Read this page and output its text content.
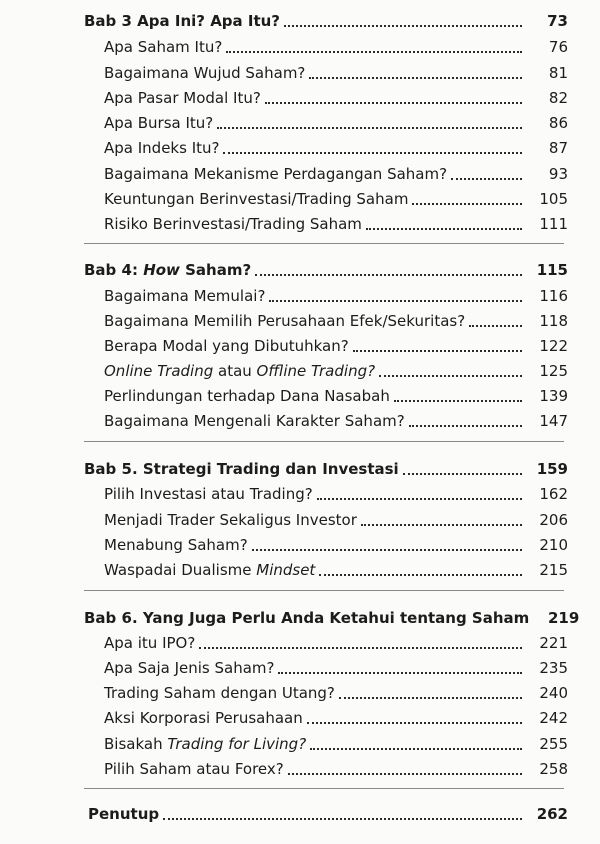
Bab 3 Apa Ini? Apa Itu?	73
Apa Saham Itu?	76
Bagaimana Wujud Saham?	81
Apa Pasar Modal Itu?	82
Apa Bursa Itu?	86
Apa Indeks Itu?	87
Bagaimana Mekanisme Perdagangan Saham?	93
Keuntungan Berinvestasi/Trading Saham	105
Risiko Berinvestasi/Trading Saham	111
Bab 4: How Saham?	115
Bagaimana Memulai?	116
Bagaimana Memilih Perusahaan Efek/Sekuritas?	118
Berapa Modal yang Dibutuhkan?	122
Online Trading atau Offline Trading?	125
Perlindungan terhadap Dana Nasabah	139
Bagaimana Mengenali Karakter Saham?	147
Bab 5. Strategi Trading dan Investasi	159
Pilih Investasi atau Trading?	162
Menjadi Trader Sekaligus Investor	206
Menabung Saham?	210
Waspadai Dualisme Mindset	215
Bab 6. Yang Juga Perlu Anda Ketahui tentang Saham	219
Apa itu IPO?	221
Apa Saja Jenis Saham?	235
Trading Saham dengan Utang?	240
Aksi Korporasi Perusahaan	242
Bisakah Trading for Living?	255
Pilih Saham atau Forex?	258
Penutup	262
